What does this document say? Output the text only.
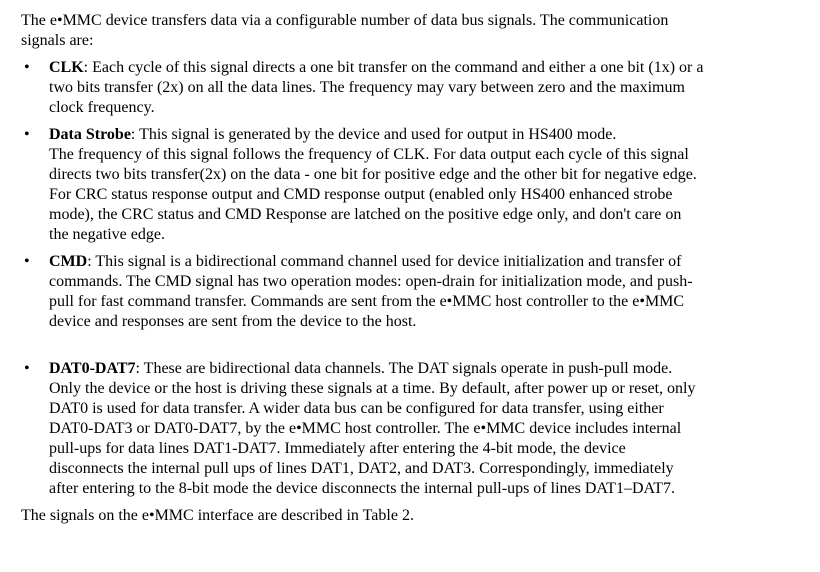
The e•MMC device transfers data via a configurable number of data bus signals. The communication
signals are:

• CLK: Each cycle of this signal directs a one bit transfer on the command and either a one bit (1x) or a
two bits transfer (2x) on all the data lines. The frequency may vary between zero and the maximum
clock frequency.
• Data Strobe: This signal is generated by the device and used for output in HS400 mode.
The frequency of this signal follows the frequency of CLK. For data output each cycle of this signal
directs two bits transfer(2x) on the data - one bit for positive edge and the other bit for negative edge.
For CRC status response output and CMD response output (enabled only HS400 enhanced strobe
mode), the CRC status and CMD Response are latched on the positive edge only, and don't care on
the negative edge.
• CMD: This signal is a bidirectional command channel used for device initialization and transfer of
commands. The CMD signal has two operation modes: open-drain for initialization mode, and push-
pull for fast command transfer. Commands are sent from the e•MMC host controller to the e•MMC
device and responses are sent from the device to the host.
• DAT0-DAT7: These are bidirectional data channels. The DAT signals operate in push-pull mode.
Only the device or the host is driving these signals at a time. By default, after power up or reset, only
DAT0 is used for data transfer. A wider data bus can be configured for data transfer, using either
DAT0-DAT3 or DAT0-DAT7, by the e•MMC host controller. The e•MMC device includes internal
pull-ups for data lines DAT1-DAT7. Immediately after entering the 4-bit mode, the device
disconnects the internal pull ups of lines DAT1, DAT2, and DAT3. Correspondingly, immediately
after entering to the 8-bit mode the device disconnects the internal pull-ups of lines DAT1–DAT7.

The signals on the e•MMC interface are described in Table 2.
